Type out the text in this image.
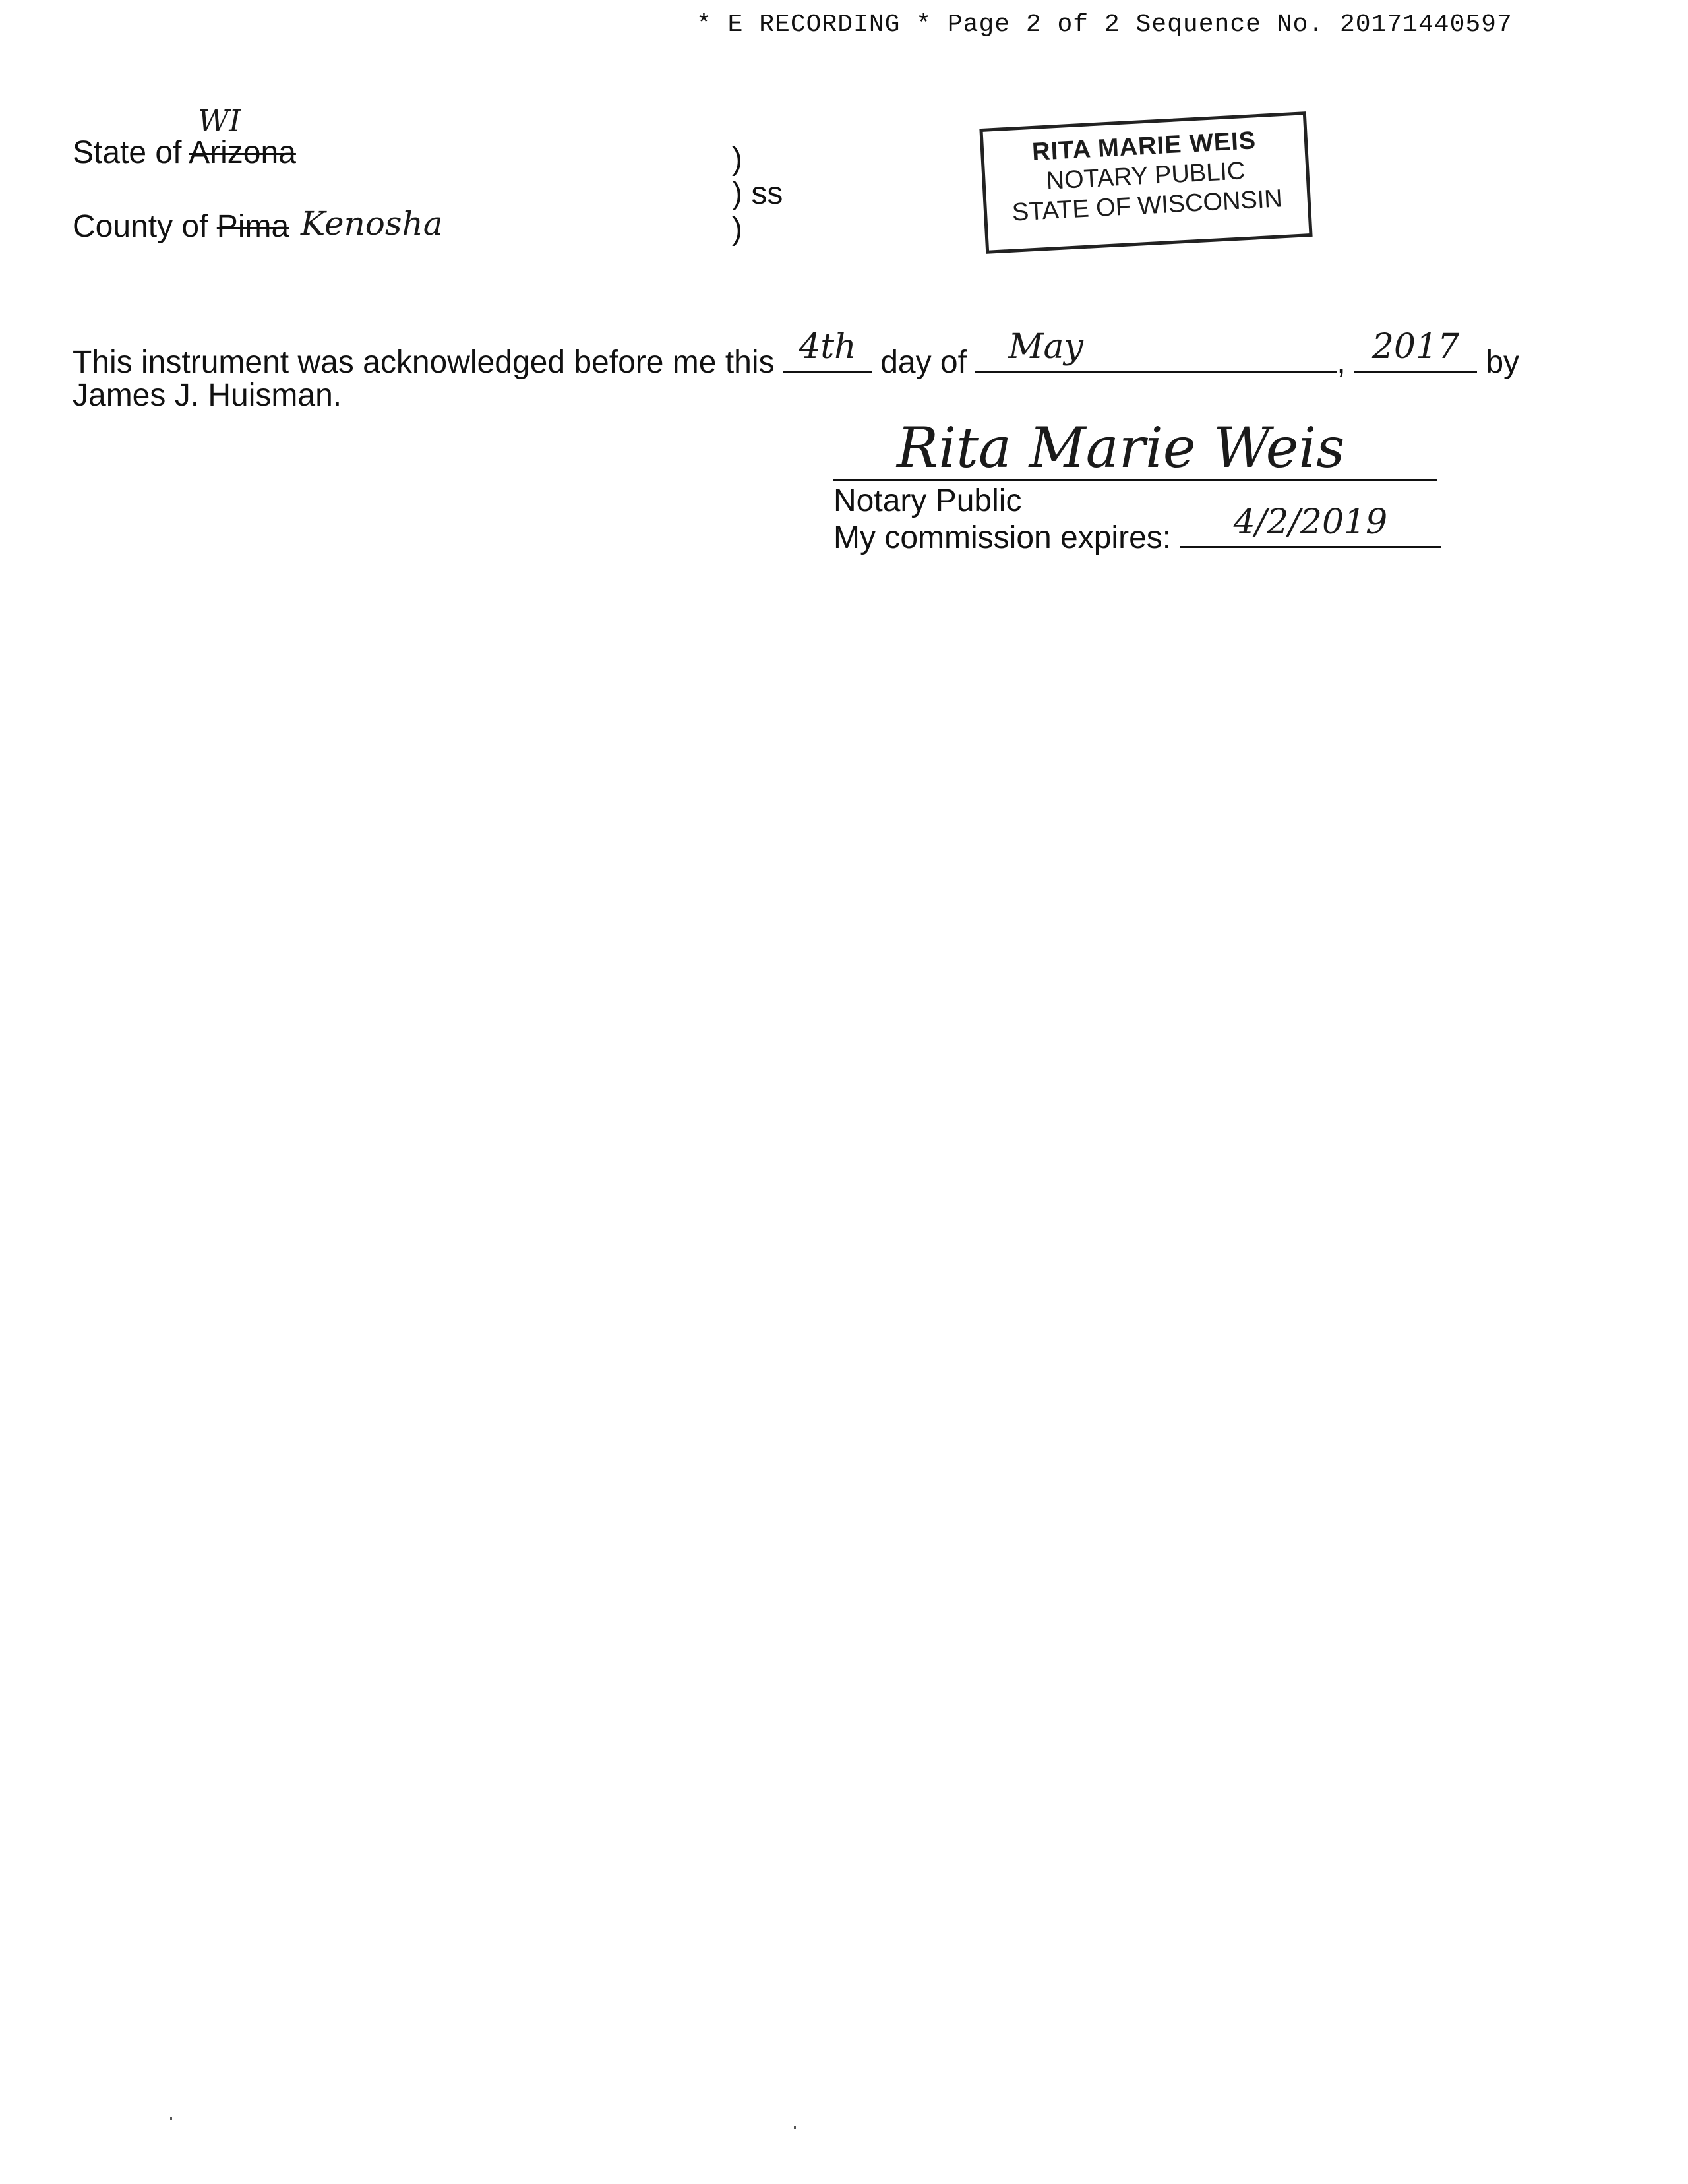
* E RECORDING * Page 2 of 2 Sequence No. 20171440597
WI
State of Arizona
County of Pima Kenosha
)
) ss
)
RITA MARIE WEIS
NOTARY PUBLIC
STATE OF WISCONSIN
This instrument was acknowledged before me this 4th day of May	, 2017 by
James J. Huisman.
Rita Marie Weis
Notary Public
My commission expires:	4/2/2019
